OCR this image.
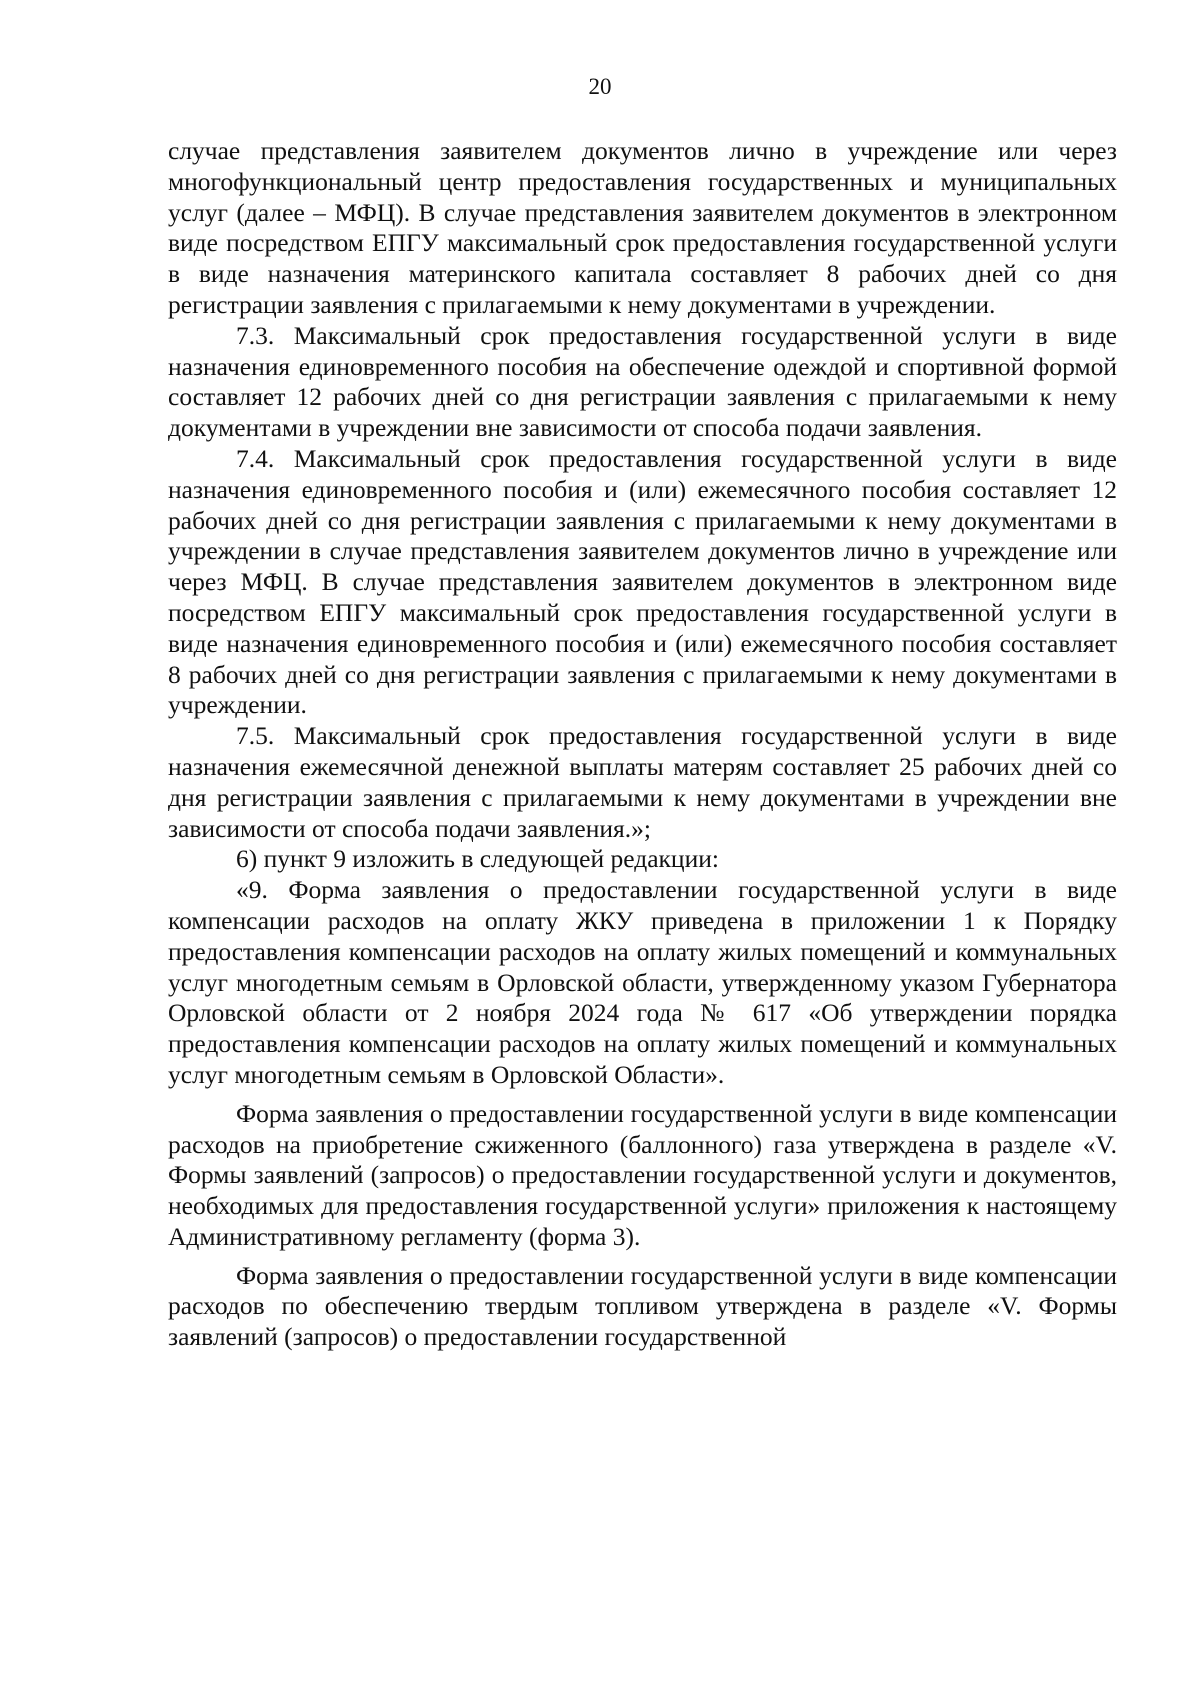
20

случае представления заявителем документов лично в учреждение или через многофункциональный центр предоставления государственных и муниципальных услуг (далее – МФЦ). В случае представления заявителем документов в электронном виде посредством ЕПГУ максимальный срок предоставления государственной услуги в виде назначения материнского капитала составляет 8 рабочих дней со дня регистрации заявления с прилагаемыми к нему документами в учреждении.

7.3. Максимальный срок предоставления государственной услуги в виде назначения единовременного пособия на обеспечение одеждой и спортивной формой составляет 12 рабочих дней со дня регистрации заявления с прилагаемыми к нему документами в учреждении вне зависимости от способа подачи заявления.

7.4. Максимальный срок предоставления государственной услуги в виде назначения единовременного пособия и (или) ежемесячного пособия составляет 12 рабочих дней со дня регистрации заявления с прилагаемыми к нему документами в учреждении в случае представления заявителем документов лично в учреждение или через МФЦ. В случае представления заявителем документов в электронном виде посредством ЕПГУ максимальный срок предоставления государственной услуги в виде назначения единовременного пособия и (или) ежемесячного пособия составляет 8 рабочих дней со дня регистрации заявления с прилагаемыми к нему документами в учреждении.

7.5. Максимальный срок предоставления государственной услуги в виде назначения ежемесячной денежной выплаты матерям составляет 25 рабочих дней со дня регистрации заявления с прилагаемыми к нему документами в учреждении вне зависимости от способа подачи заявления.»;

6) пункт 9 изложить в следующей редакции:

«9. Форма заявления о предоставлении государственной услуги в виде компенсации расходов на оплату ЖКУ приведена в приложении 1 к Порядку предоставления компенсации расходов на оплату жилых помещений и коммунальных услуг многодетным семьям в Орловской области, утвержденному указом Губернатора Орловской области от 2 ноября 2024 года № 617 «Об утверждении порядка предоставления компенсации расходов на оплату жилых помещений и коммунальных услуг многодетным семьям в Орловской Области».

Форма заявления о предоставлении государственной услуги в виде компенсации расходов на приобретение сжиженного (баллонного) газа утверждена в разделе «V. Формы заявлений (запросов) о предоставлении государственной услуги и документов, необходимых для предоставления государственной услуги» приложения к настоящему Административному регламенту (форма 3).

Форма заявления о предоставлении государственной услуги в виде компенсации расходов по обеспечению твердым топливом утверждена в разделе «V. Формы заявлений (запросов) о предоставлении государственной
